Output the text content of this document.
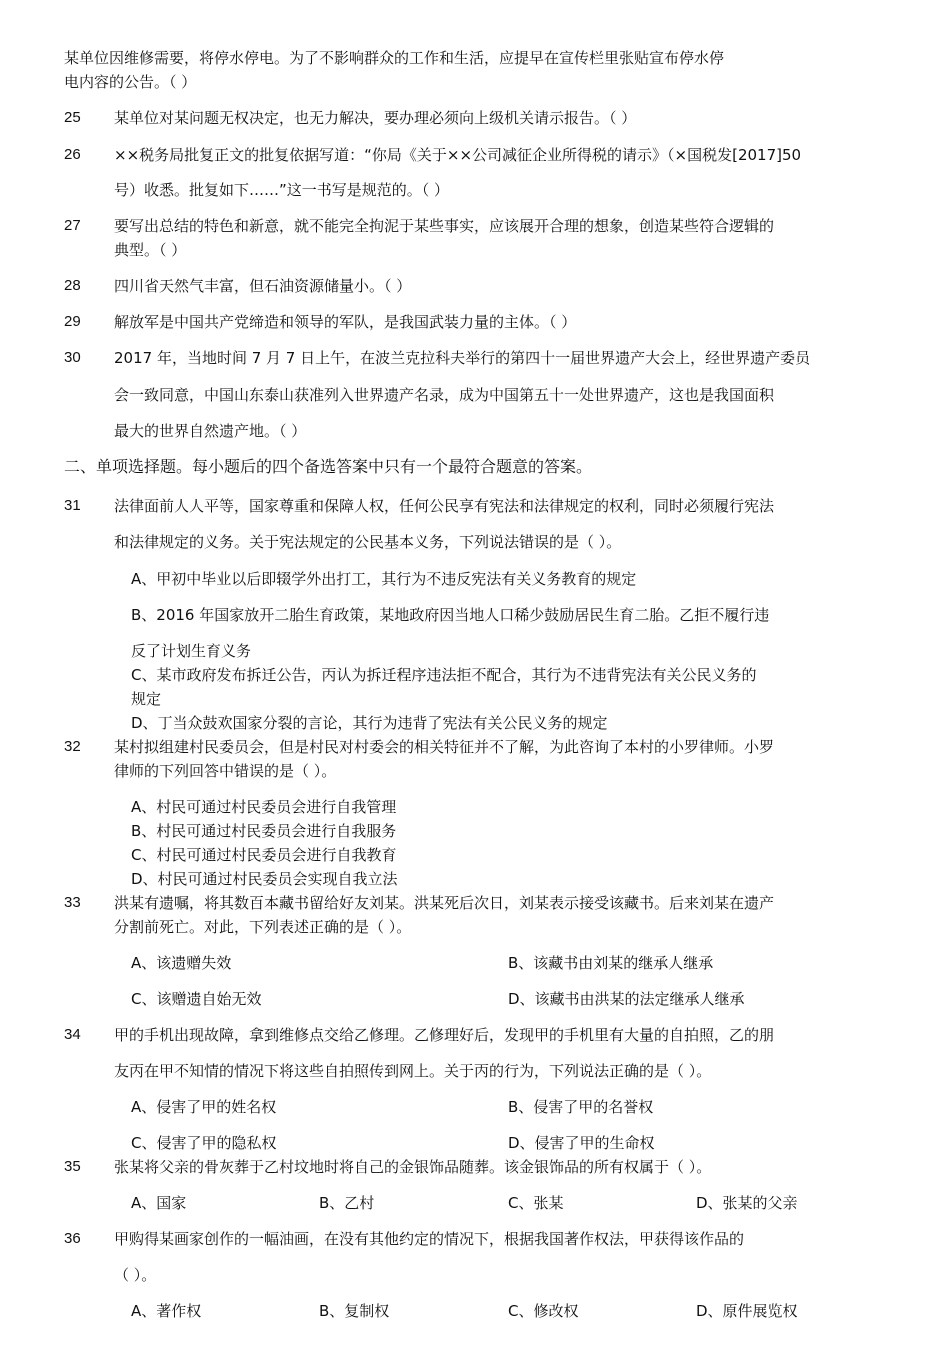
某单位因维修需要，将停水停电。为了不影响群众的工作和生活，应提早在宣传栏里张贴宣布停水停
电内容的公告。（ ）
25 某单位对某问题无权决定，也无力解决，要办理必须向上级机关请示报告。（ ）
26 ××税务局批复正文的批复依据写道：“你局《关于××公司减征企业所得税的请示》（×国税发[2017]50
号）收悉。批复如下……”这一书写是规范的。（ ）
27 要写出总结的特色和新意，就不能完全拘泥于某些事实，应该展开合理的想象，创造某些符合逻辑的
典型。（ ）
28 四川省天然气丰富，但石油资源储量小。（ ）
29 解放军是中国共产党缔造和领导的军队，是我国武装力量的主体。（ ）
30 2017 年，当地时间 7 月 7 日上午，在波兰克拉科夫举行的第四十一届世界遗产大会上，经世界遗产委员
会一致同意，中国山东泰山获准列入世界遗产名录，成为中国第五十一处世界遗产，这也是我国面积
最大的世界自然遗产地。（ ）
二、单项选择题。每小题后的四个备选答案中只有一个最符合题意的答案。
31 法律面前人人平等，国家尊重和保障人权，任何公民享有宪法和法律规定的权利，同时必须履行宪法
和法律规定的义务。关于宪法规定的公民基本义务，下列说法错误的是（ ）。
A、甲初中毕业以后即辍学外出打工，其行为不违反宪法有关义务教育的规定
B、2016 年国家放开二胎生育政策，某地政府因当地人口稀少鼓励居民生育二胎。乙拒不履行违
反了计划生育义务
C、某市政府发布拆迁公告，丙认为拆迁程序违法拒不配合，其行为不违背宪法有关公民义务的
规定
D、丁当众鼓欢国家分裂的言论，其行为违背了宪法有关公民义务的规定
32 某村拟组建村民委员会，但是村民对村委会的相关特征并不了解，为此咨询了本村的小罗律师。小罗
律师的下列回答中错误的是（ ）。
A、村民可通过村民委员会进行自我管理
B、村民可通过村民委员会进行自我服务
C、村民可通过村民委员会进行自我教育
D、村民可通过村民委员会实现自我立法
33 洪某有遗嘱，将其数百本藏书留给好友刘某。洪某死后次日，刘某表示接受该藏书。后来刘某在遗产
分割前死亡。对此，下列表述正确的是（ ）。
A、该遗赠失效	B、该藏书由刘某的继承人继承
C、该赠遗自始无效	D、该藏书由洪某的法定继承人继承
34 甲的手机出现故障，拿到维修点交给乙修理。乙修理好后，发现甲的手机里有大量的自拍照，乙的朋
友丙在甲不知情的情况下将这些自拍照传到网上。关于丙的行为，下列说法正确的是（ ）。
A、侵害了甲的姓名权	B、侵害了甲的名誉权
C、侵害了甲的隐私权	D、侵害了甲的生命权
35 张某将父亲的骨灰葬于乙村坟地时将自己的金银饰品随葬。该金银饰品的所有权属于（ ）。
A、国家	B、乙村	C、张某	D、张某的父亲
36 甲购得某画家创作的一幅油画，在没有其他约定的情况下，根据我国著作权法，甲获得该作品的
（ ）。
A、著作权	B、复制权	C、修改权	D、原件展览权
